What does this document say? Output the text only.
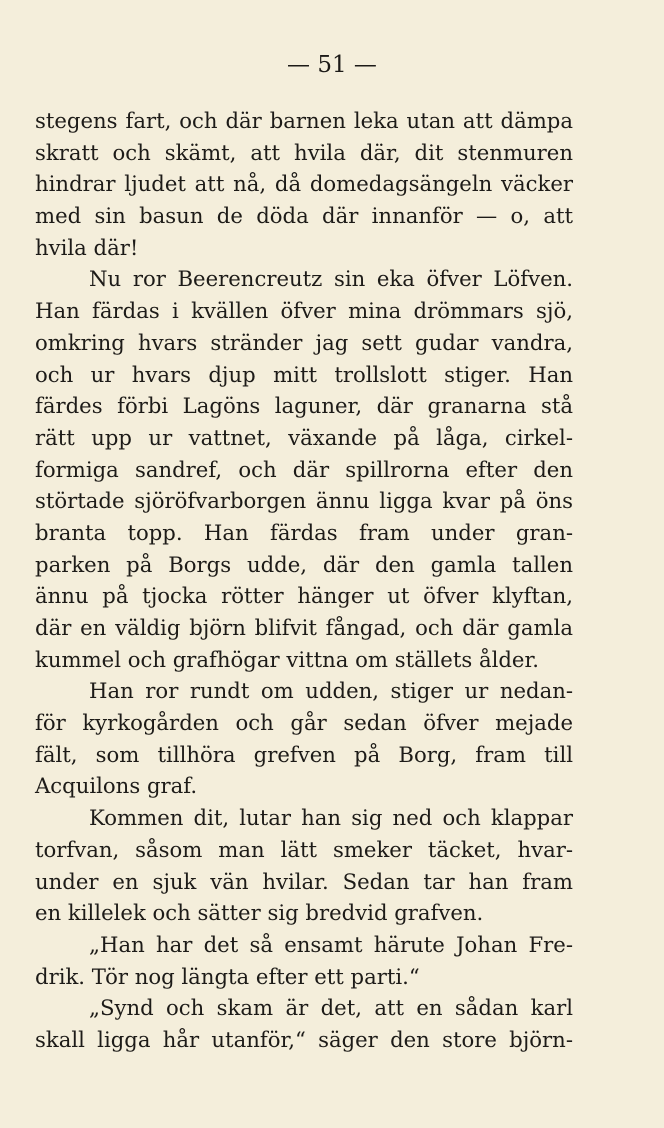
— 51 —
stegens fart, och där barnen leka utan att dämpa
skratt och skämt, att hvila där, dit stenmuren
hindrar ljudet att nå, då domedagsängeln väcker
med sin basun de döda där innanför — o, att
hvila där!
Nu ror Beerencreutz sin eka öfver Löfven.
Han färdas i kvällen öfver mina drömmars sjö,
omkring hvars stränder jag sett gudar vandra,
och ur hvars djup mitt trollslott stiger. Han
färdes förbi Lagöns laguner, där granarna stå
rätt upp ur vattnet, växande på låga, cirkel-
formiga sandref, och där spillrorna efter den
störtade sjöröfvarborgen ännu ligga kvar på öns
branta topp. Han färdas fram under gran-
parken på Borgs udde, där den gamla tallen
ännu på tjocka rötter hänger ut öfver klyftan,
där en väldig björn blifvit fångad, och där gamla
kummel och grafhögar vittna om ställets ålder.
Han ror rundt om udden, stiger ur nedan-
för kyrkogården och går sedan öfver mejade
fält, som tillhöra grefven på Borg, fram till
Acquilons graf.
Kommen dit, lutar han sig ned och klappar
torfvan, såsom man lätt smeker täcket, hvar-
under en sjuk vän hvilar. Sedan tar han fram
en killelek och sätter sig bredvid grafven.
„Han har det så ensamt härute Johan Fre-
drik. Tör nog längta efter ett parti.“
„Synd och skam är det, att en sådan karl
skall ligga hår utanför,“ säger den store björn-
